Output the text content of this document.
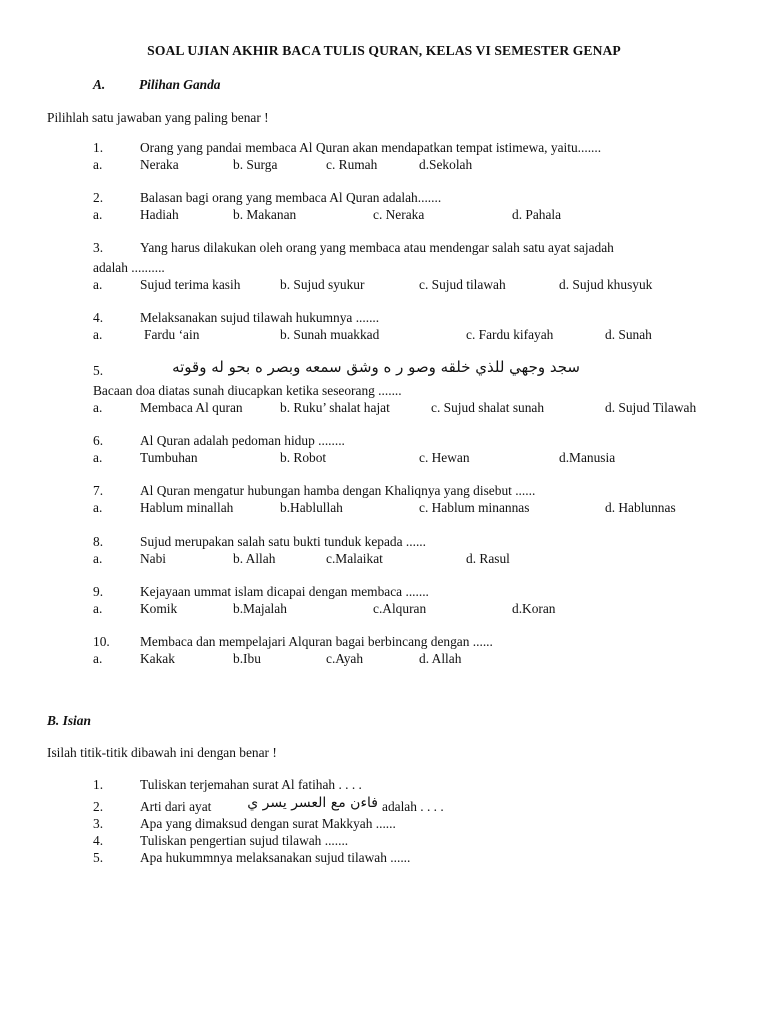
SOAL UJIAN AKHIR BACA TULIS QURAN, KELAS VI SEMESTER GENAP
A.	Pilihan Ganda
Pilihlah satu jawaban yang paling benar !
1.	Orang yang pandai membaca Al Quran akan mendapatkan tempat istimewa, yaitu.......
a.	Neraka	b. Surga	c. Rumah	d.Sekolah
2.	Balasan bagi orang yang membaca Al Quran adalah.......
a.	Hadiah	b. Makanan	c. Neraka	d. Pahala
3.	Yang harus dilakukan oleh orang yang membaca atau mendengar salah satu ayat sajadah
adalah ..........
a.	Sujud terima kasih	b. Sujud syukur	c. Sujud tilawah	d. Sujud khusyuk
4.	Melaksanakan sujud tilawah hukumnya .......
a.	Fardu ‘ain	b. Sunah muakkad	c. Fardu kifayah	d. Sunah
5.	سجد وجهي للذي خلقه وصو ر ه وشق سمعه وبصر ه بحو له وقوته
Bacaan doa diatas sunah diucapkan ketika seseorang .......
a.	Membaca Al quran	b. Ruku’ shalat hajat	c. Sujud shalat sunah	d. Sujud Tilawah
6.	Al Quran adalah pedoman hidup ........
a.	Tumbuhan	b. Robot	c. Hewan	d.Manusia
7.	Al Quran mengatur hubungan hamba dengan Khaliqnya yang disebut ......
a.	Hablum minallah	b.Hablullah	c. Hablum minannas	d. Hablunnas
8.	Sujud merupakan salah satu bukti tunduk kepada ......
a.	Nabi	b. Allah	c.Malaikat	d. Rasul
9.	Kejayaan ummat islam dicapai dengan membaca .......
a.	Komik	b.Majalah	c.Alquran	d.Koran
10. Membaca dan mempelajari Alquran bagai berbincang dengan ......
a.	Kakak	b.Ibu	c.Ayah	d. Allah
B. Isian
Isilah titik-titik dibawah ini dengan benar !
1.	Tuliskan terjemahan surat Al fatihah . . . .
2.	Arti dari ayat	فاءن مع العسر يسر ي adalah . . . .
3.	Apa yang dimaksud dengan surat Makkyah ......
4.	Tuliskan pengertian sujud tilawah .......
5.	Apa hukummnya melaksanakan sujud tilawah ......
